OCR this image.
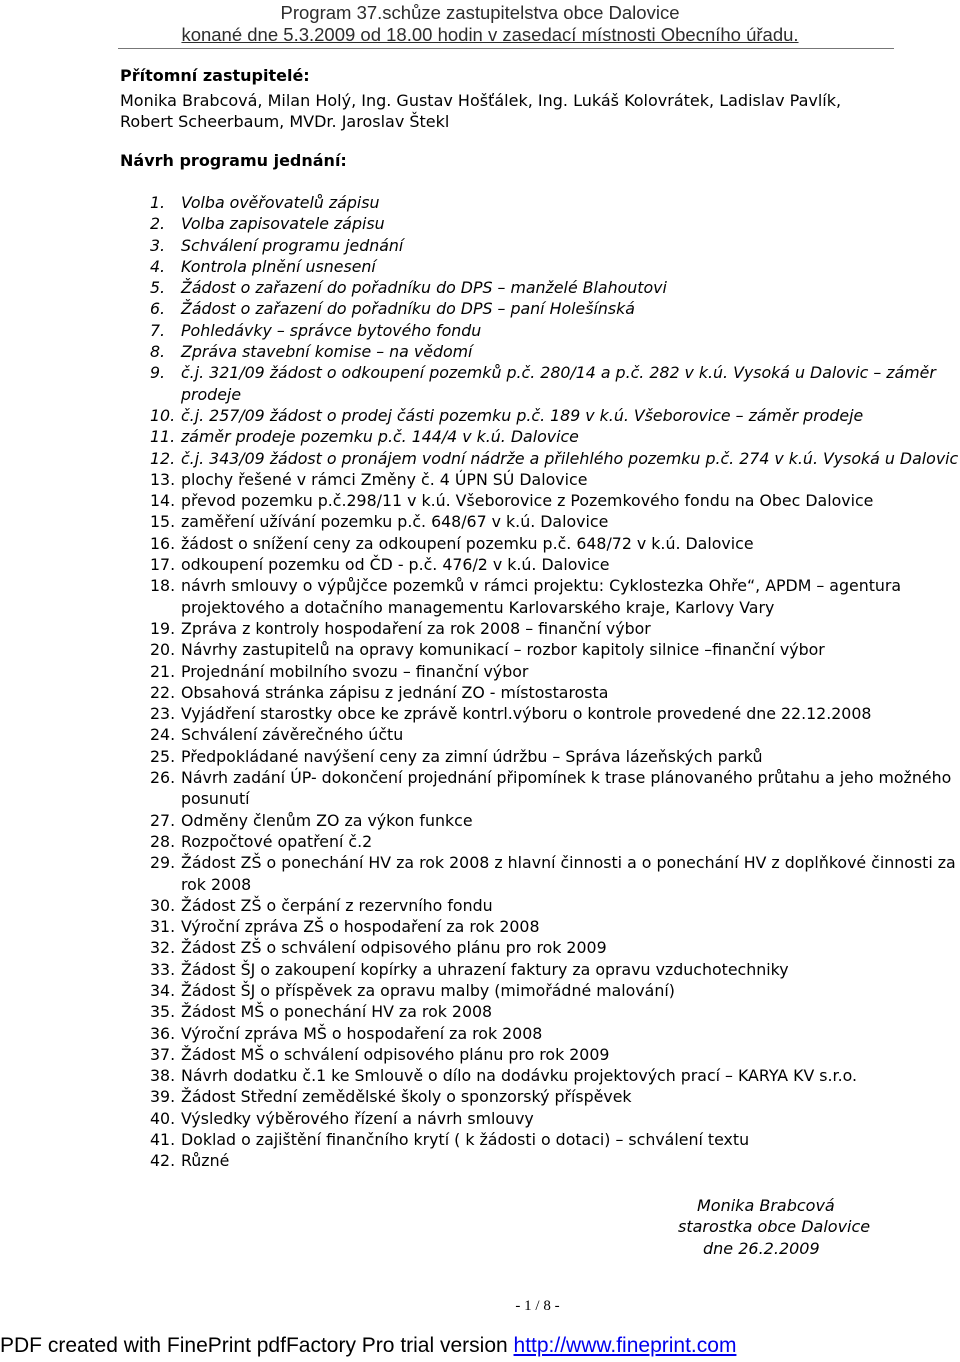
Program 37.schůze zastupitelstva obce Dalovice
konané dne 5.3.2009 od 18.00 hodin v zasedací místnosti Obecního úřadu.
Přítomní zastupitelé:
Monika Brabcová, Milan Holý, Ing. Gustav Hošťálek, Ing. Lukáš Kolovrátek, Ladislav Pavlík,
Robert Scheerbaum, MVDr. Jaroslav Štekl
Návrh programu jednání:
1. Volba ověřovatelů zápisu
2. Volba zapisovatele zápisu
3. Schválení programu jednání
4. Kontrola plnění usnesení
5. Žádost o zařazení do pořadníku do DPS – manželé Blahoutovi
6. Žádost o zařazení do pořadníku do DPS – paní Holešínská
7. Pohledávky – správce bytového fondu
8. Zpráva stavební komise – na vědomí
9. č.j. 321/09 žádost o odkoupení pozemků p.č. 280/14 a p.č. 282 v k.ú. Vysoká u Dalovic – záměr prodeje
10. č.j. 257/09 žádost o prodej části pozemku p.č. 189 v k.ú. Všeborovice – záměr prodeje
11. záměr prodeje pozemku p.č. 144/4 v k.ú. Dalovice
12. č.j. 343/09 žádost o pronájem vodní nádrže a přilehlého pozemku p.č. 274 v k.ú. Vysoká u Dalovic
13. plochy řešené v rámci Změny č. 4 ÚPN SÚ Dalovice
14. převod pozemku p.č.298/11 v k.ú. Všeborovice z Pozemkového fondu na Obec Dalovice
15. zaměření užívání pozemku p.č. 648/67 v k.ú. Dalovice
16. žádost o snížení ceny za odkoupení pozemku p.č. 648/72 v k.ú. Dalovice
17. odkoupení pozemku od ČD - p.č. 476/2 v k.ú. Dalovice
18. návrh smlouvy o výpůjčce pozemků v rámci projektu: Cyklostezka Ohře“, APDM – agentura projektového a dotačního managementu Karlovarského kraje, Karlovy Vary
19. Zpráva z kontroly hospodaření za rok 2008 – finanční výbor
20. Návrhy zastupitelů na opravy komunikací – rozbor kapitoly silnice –finanční výbor
21. Projednání mobilního svozu – finanční výbor
22. Obsahová stránka zápisu z jednání ZO - místostarosta
23. Vyjádření starostky obce ke zprávě kontrl.výboru o kontrole provedené dne 22.12.2008
24. Schválení závěrečného účtu
25. Předpokládané navýšení ceny za zimní údržbu – Správa lázeňských parků
26. Návrh zadání ÚP- dokončení projednání připomínek k trase plánovaného průtahu a jeho možného posunutí
27. Odměny členům ZO za výkon funkce
28. Rozpočtové opatření č.2
29. Žádost ZŠ o ponechání HV za rok 2008 z hlavní činnosti a o ponechání HV z doplňkové činnosti za rok 2008
30. Žádost ZŠ o čerpání z rezervního fondu
31. Výroční zpráva ZŠ o hospodaření za rok 2008
32. Žádost ZŠ o schválení odpisového plánu pro rok 2009
33. Žádost ŠJ o zakoupení kopírky a uhrazení faktury za opravu vzduchotechniky
34. Žádost ŠJ o příspěvek za opravu malby (mimořádné malování)
35. Žádost MŠ o ponechání HV za rok 2008
36. Výroční zpráva MŠ o hospodaření za rok 2008
37. Žádost MŠ o schválení odpisového plánu pro rok 2009
38. Návrh dodatku č.1 ke Smlouvě o dílo na dodávku projektových prací – KARYA KV s.r.o.
39. Žádost Střední zemědělské školy o sponzorský příspěvek
40. Výsledky výběrového řízení a návrh smlouvy
41. Doklad o zajištění finančního krytí ( k žádosti o dotaci) – schválení textu
42. Různé
Monika Brabcová
starostka obce Dalovice
dne 26.2.2009
- 1 / 8 -
PDF created with FinePrint pdfFactory Pro trial version http://www.fineprint.com
